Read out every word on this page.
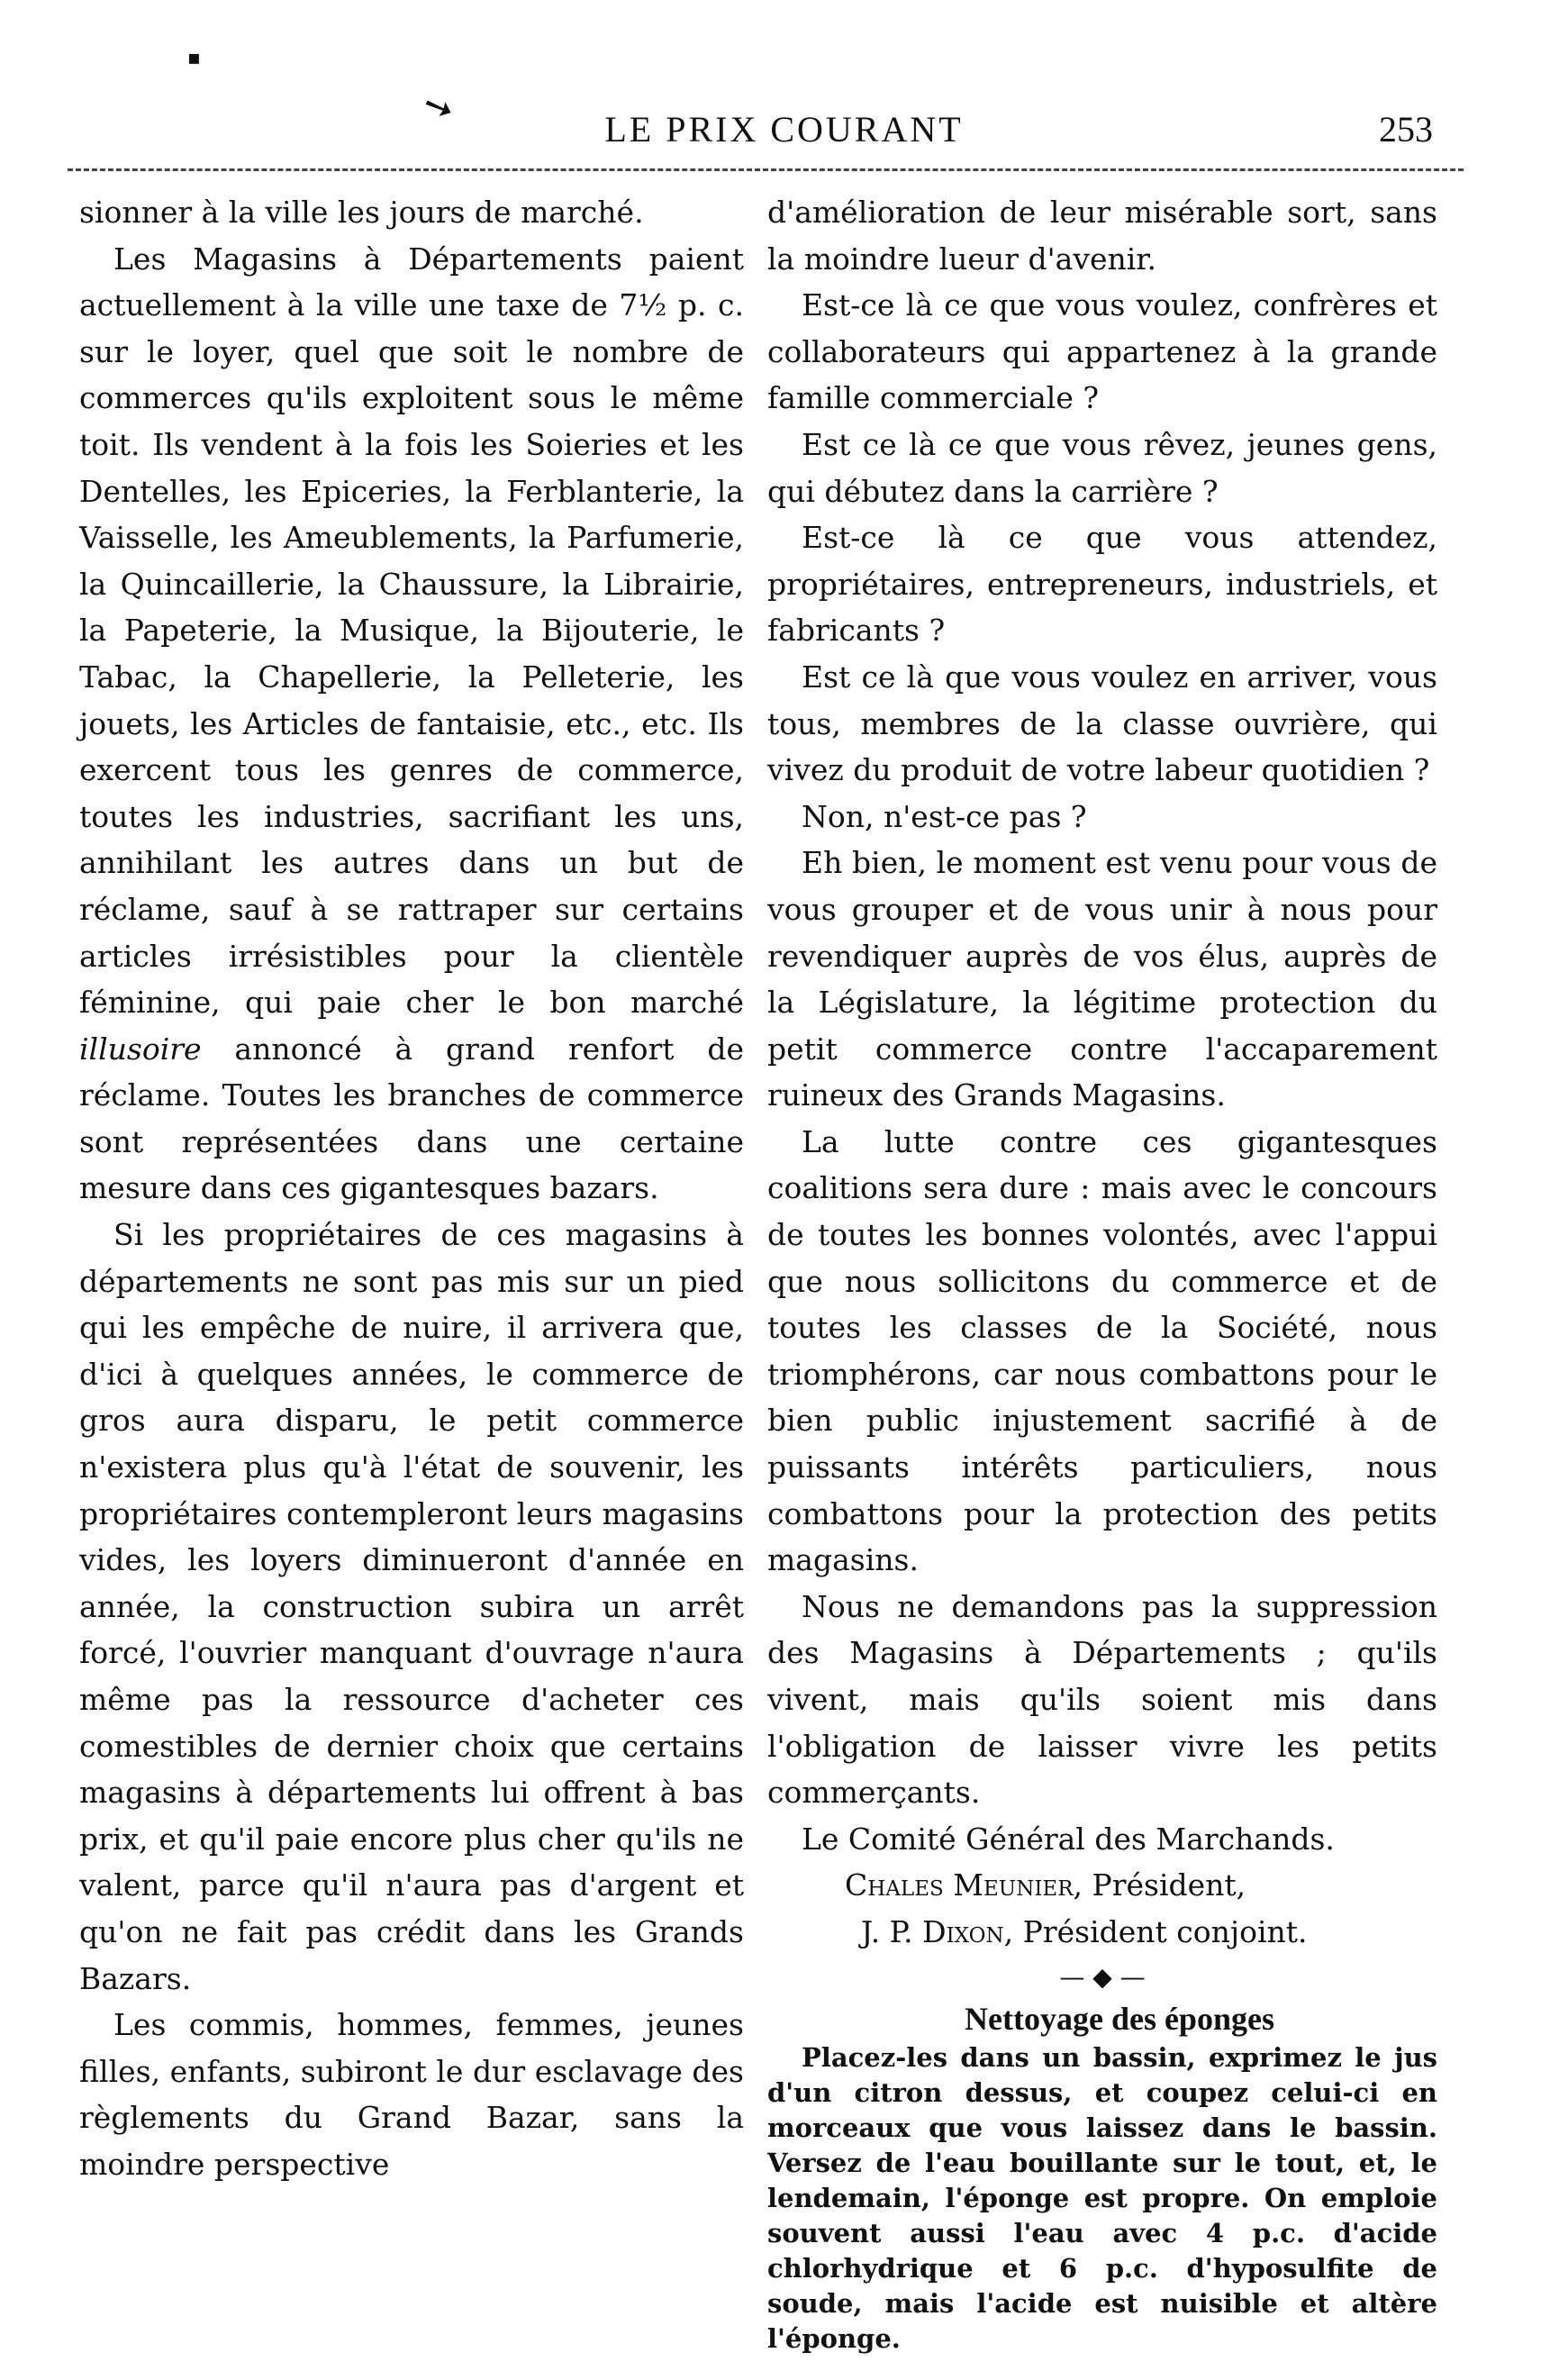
▪
➘	LE PRIX COURANT	253

sionner à la ville les jours de marché.

Les Magasins à Départements paient actuellement à la ville une taxe de 7½ p. c. sur le loyer, quel que soit le nombre de commerces qu'ils exploitent sous le même toit. Ils vendent à la fois les Soieries et les Dentelles, les Epiceries, la Ferblanterie, la Vaisselle, les Ameublements, la Parfumerie, la Quincaillerie, la Chaussure, la Librairie, la Papeterie, la Musique, la Bijouterie, le Tabac, la Chapellerie, la Pelleterie, les jouets, les Articles de fantaisie, etc., etc. Ils exercent tous les genres de commerce, toutes les industries, sacrifiant les uns, annihilant les autres dans un but de réclame, sauf à se rattraper sur certains articles irrésistibles pour la clientèle féminine, qui paie cher le bon marché illusoire annoncé à grand renfort de réclame. Toutes les branches de commerce sont représentées dans une certaine mesure dans ces gigantesques bazars.

Si les propriétaires de ces magasins à départements ne sont pas mis sur un pied qui les empêche de nuire, il arrivera que, d'ici à quelques années, le commerce de gros aura disparu, le petit commerce n'existera plus qu'à l'état de souvenir, les propriétaires contempleront leurs magasins vides, les loyers diminueront d'année en année, la construction subira un arrêt forcé, l'ouvrier manquant d'ouvrage n'aura même pas la ressource d'acheter ces comestibles de dernier choix que certains magasins à départements lui offrent à bas prix, et qu'il paie encore plus cher qu'ils ne valent, parce qu'il n'aura pas d'argent et qu'on ne fait pas crédit dans les Grands Bazars.

Les commis, hommes, femmes, jeunes filles, enfants, subiront le dur esclavage des règlements du Grand Bazar, sans la moindre perspective

d'amélioration de leur misérable sort, sans la moindre lueur d'avenir.

Est-ce là ce que vous voulez, confrères et collaborateurs qui appartenez à la grande famille commerciale ?

Est ce là ce que vous rêvez, jeunes gens, qui débutez dans la carrière ?

Est-ce là ce que vous attendez, propriétaires, entrepreneurs, industriels, et fabricants ?

Est ce là que vous voulez en arriver, vous tous, membres de la classe ouvrière, qui vivez du produit de votre labeur quotidien ?

Non, n'est-ce pas ?

Eh bien, le moment est venu pour vous de vous grouper et de vous unir à nous pour revendiquer auprès de vos élus, auprès de la Législature, la légitime protection du petit commerce contre l'accaparement ruineux des Grands Magasins.

La lutte contre ces gigantesques coalitions sera dure : mais avec le concours de toutes les bonnes volontés, avec l'appui que nous sollicitons du commerce et de toutes les classes de la Société, nous triomphérons, car nous combattons pour le bien public injustement sacrifié à de puissants intérêts particuliers, nous combattons pour la protection des petits magasins.

Nous ne demandons pas la suppression des Magasins à Départements ; qu'ils vivent, mais qu'ils soient mis dans l'obligation de laisser vivre les petits commerçants.

Le Comité Général des Marchands.

Chales Meunier, Président,

J. P. Dixon, Président conjoint.

— ◆ —

Nettoyage des éponges

Placez-les dans un bassin, exprimez le jus d'un citron dessus, et coupez celui-ci en morceaux que vous laissez dans le bassin. Versez de l'eau bouillante sur le tout, et, le lendemain, l'éponge est propre. On emploie souvent aussi l'eau avec 4 p.c. d'acide chlorhydrique et 6 p.c. d'hyposulfite de soude, mais l'acide est nuisible et altère l'éponge.
